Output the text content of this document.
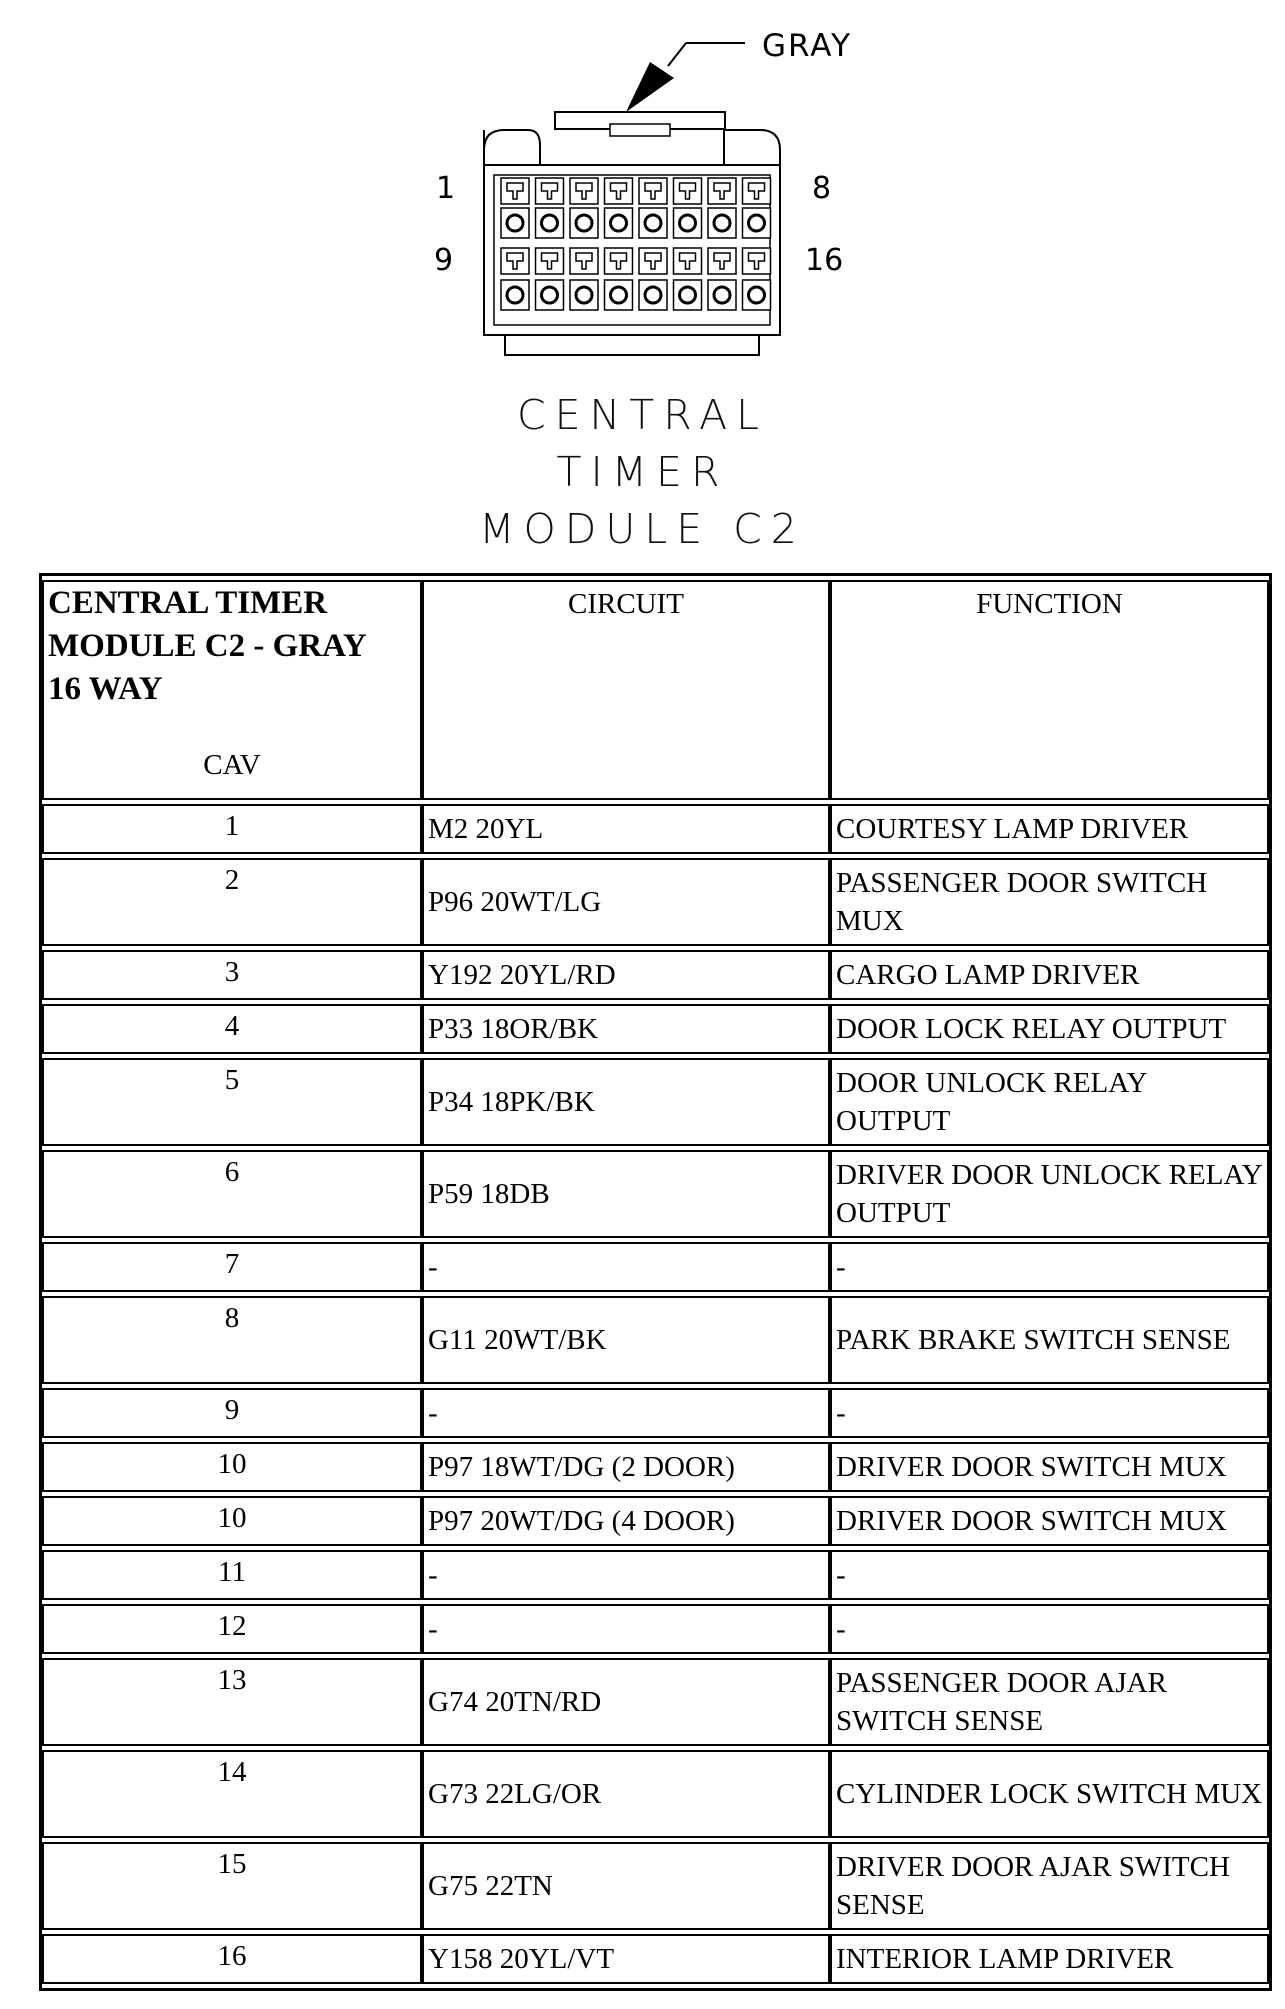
GRAY
1	8
9	16
CENTRAL
TIMER
MODULE C2
CENTRAL TIMER
MODULE C2 - GRAY
16 WAY
CAV	CIRCUIT	FUNCTION
1	M2 20YL	COURTESY LAMP DRIVER
2	P96 20WT/LG	PASSENGER DOOR SWITCH MUX
3	Y192 20YL/RD	CARGO LAMP DRIVER
4	P33 18OR/BK	DOOR LOCK RELAY OUTPUT
5	P34 18PK/BK	DOOR UNLOCK RELAY OUTPUT
6	P59 18DB	DRIVER DOOR UNLOCK RELAY OUTPUT
7	-	-
8	G11 20WT/BK	PARK BRAKE SWITCH SENSE
9	-	-
10	P97 18WT/DG (2 DOOR)	DRIVER DOOR SWITCH MUX
10	P97 20WT/DG (4 DOOR)	DRIVER DOOR SWITCH MUX
11	-	-
12	-	-
13	G74 20TN/RD	PASSENGER DOOR AJAR SWITCH SENSE
14	G73 22LG/OR	CYLINDER LOCK SWITCH MUX
15	G75 22TN	DRIVER DOOR AJAR SWITCH SENSE
16	Y158 20YL/VT	INTERIOR LAMP DRIVER
